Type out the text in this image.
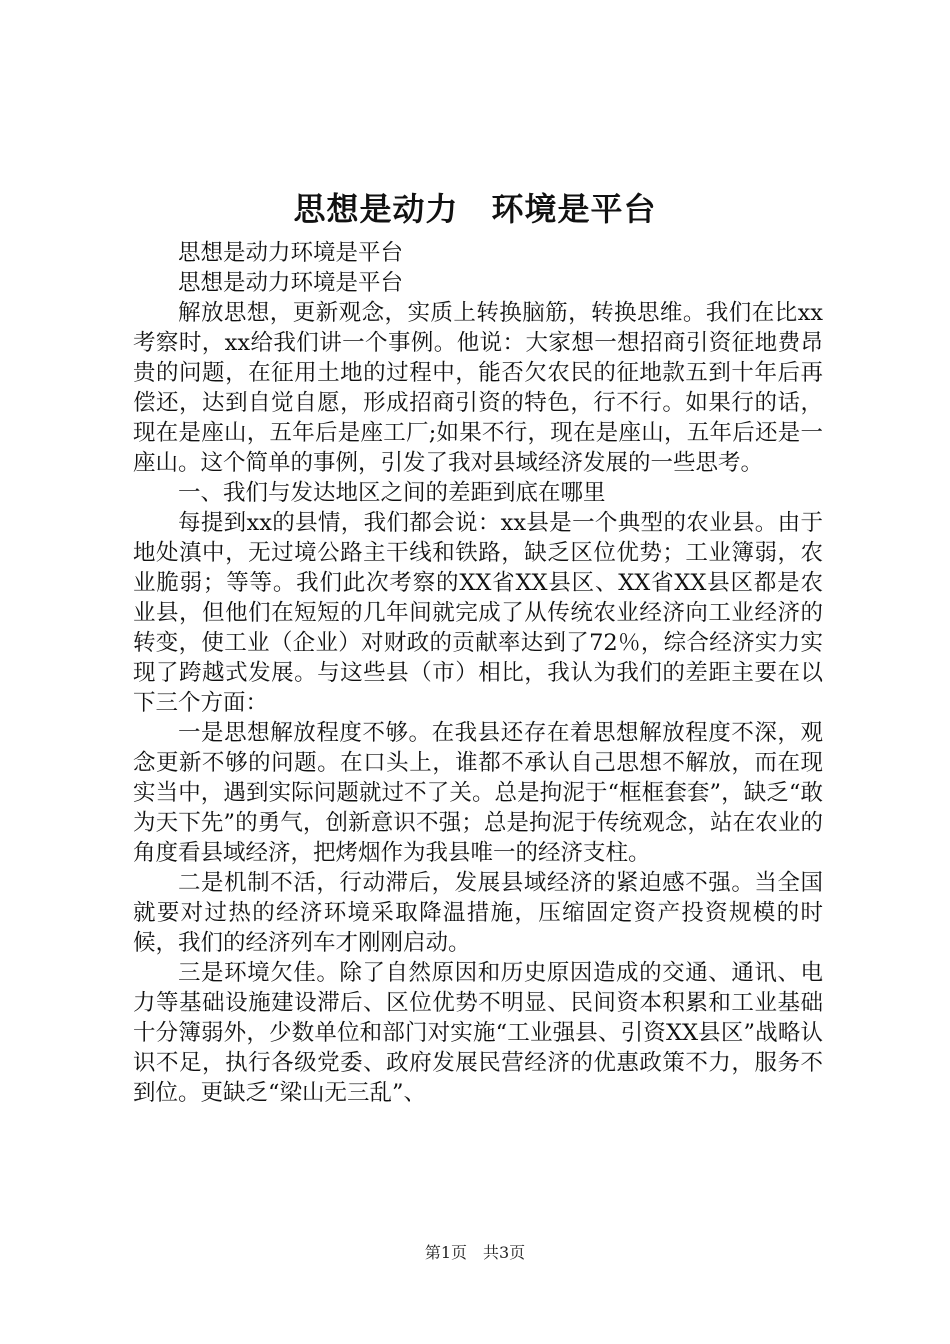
思想是动力　环境是平台

思想是动力环境是平台

思想是动力环境是平台

解放思想，更新观念，实质上转换脑筋，转换思维。我们在比xx考察时，xx给我们讲一个事例。他说：大家想一想招商引资征地费昂贵的问题，在征用土地的过程中，能否欠农民的征地款五到十年后再偿还，达到自觉自愿，形成招商引资的特色，行不行。如果行的话，现在是座山，五年后是座工厂;如果不行，现在是座山，五年后还是一座山。这个简单的事例，引发了我对县域经济发展的一些思考。

一、我们与发达地区之间的差距到底在哪里

每提到xx的县情，我们都会说：xx县是一个典型的农业县。由于地处滇中，无过境公路主干线和铁路，缺乏区位优势；工业簿弱，农业脆弱；等等。我们此次考察的XX省XX县区、XX省XX县区都是农业县，但他们在短短的几年间就完成了从传统农业经济向工业经济的转变，使工业（企业）对财政的贡献率达到了72％，综合经济实力实现了跨越式发展。与这些县（市）相比，我认为我们的差距主要在以下三个方面：

一是思想解放程度不够。在我县还存在着思想解放程度不深，观念更新不够的问题。在口头上，谁都不承认自己思想不解放，而在现实当中，遇到实际问题就过不了关。总是拘泥于“框框套套”，缺乏“敢为天下先”的勇气，创新意识不强；总是拘泥于传统观念，站在农业的角度看县域经济，把烤烟作为我县唯一的经济支柱。

二是机制不活，行动滞后，发展县域经济的紧迫感不强。当全国就要对过热的经济环境采取降温措施，压缩固定资产投资规模的时候，我们的经济列车才刚刚启动。

三是环境欠佳。除了自然原因和历史原因造成的交通、通讯、电力等基础设施建设滞后、区位优势不明显、民间资本积累和工业基础十分簿弱外，少数单位和部门对实施“工业强县、引资XX县区”战略认识不足，执行各级党委、政府发展民营经济的优惠政策不力，服务不到位。更缺乏“梁山无三乱”、

第1页　共3页
